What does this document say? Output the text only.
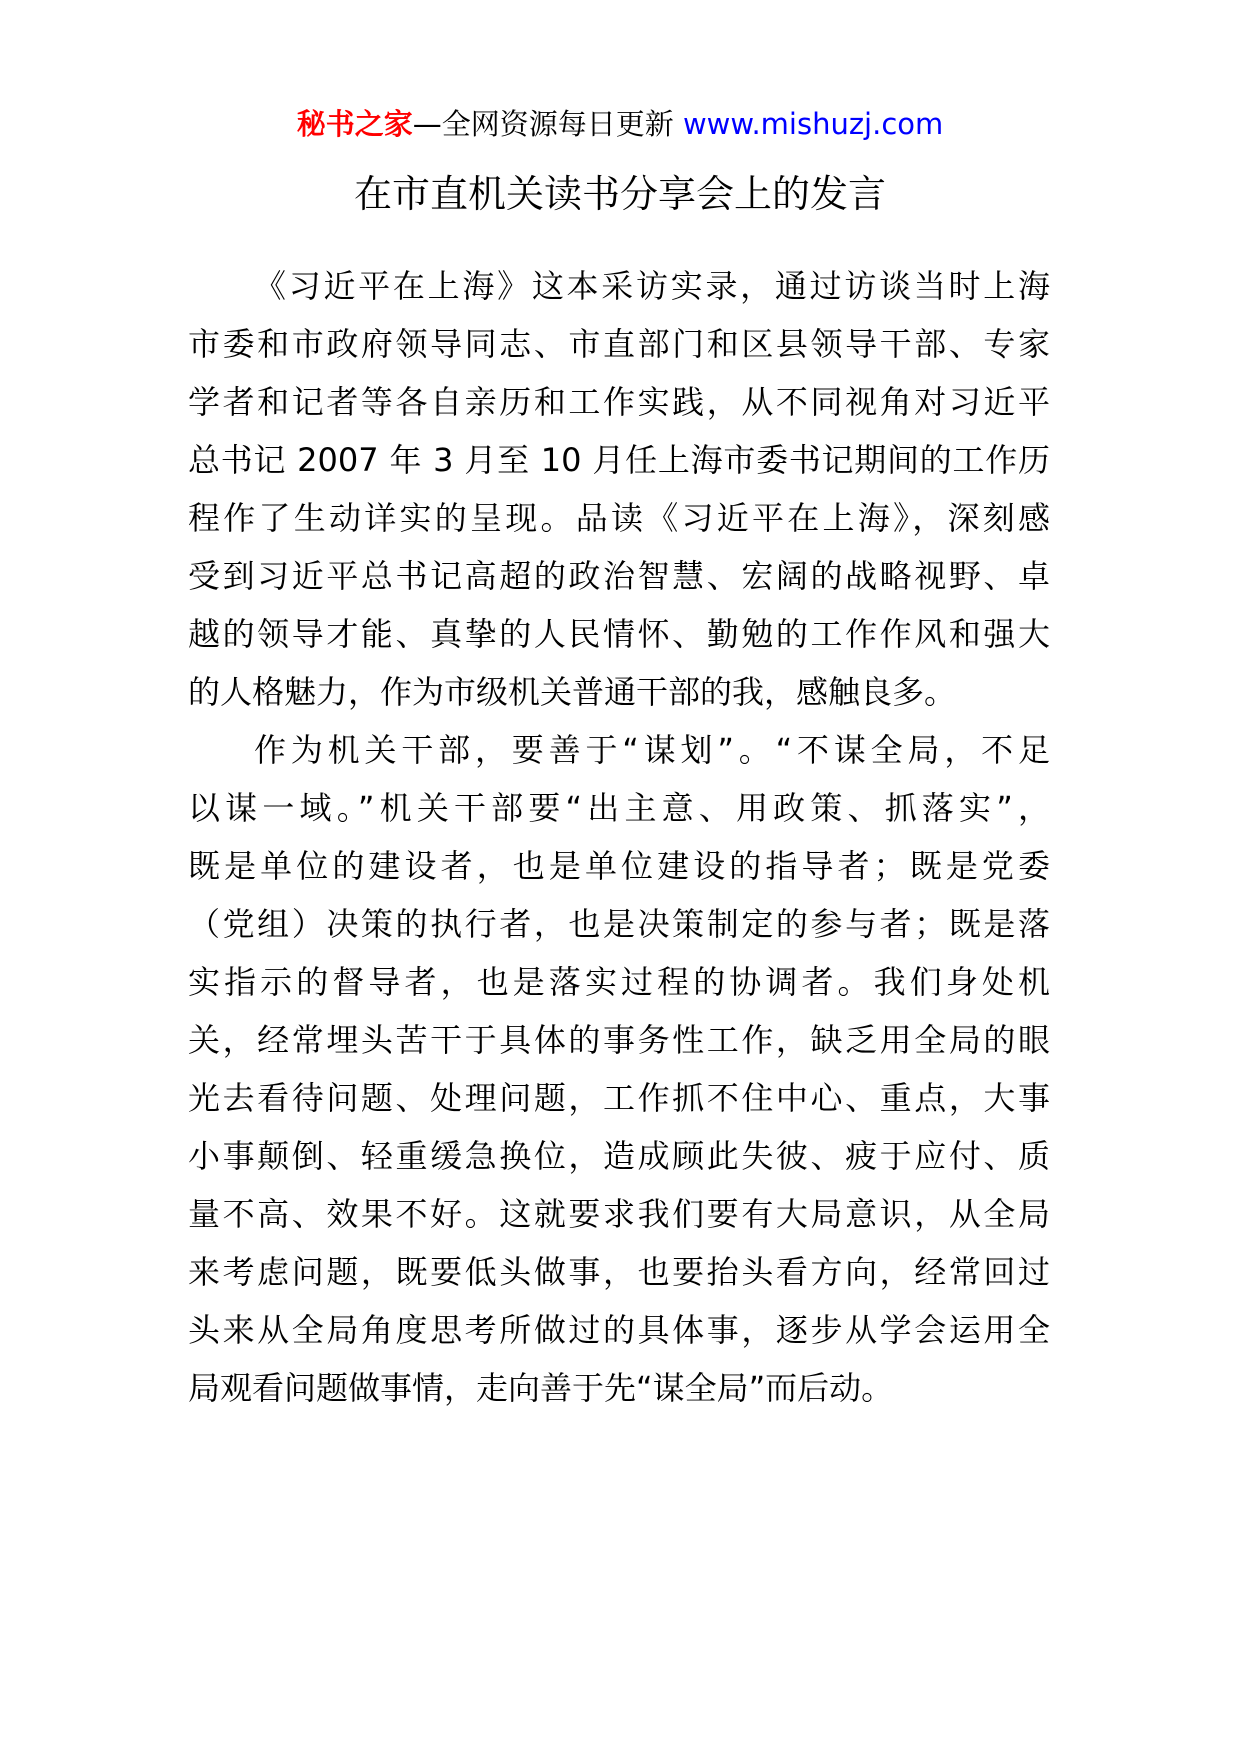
秘书之家—全网资源每日更新 www.mishuzj.com
在市直机关读书分享会上的发言
《习近平在上海》这本采访实录，通过访谈当时上海
市委和市政府领导同志、市直部门和区县领导干部、专家
学者和记者等各自亲历和工作实践，从不同视角对习近平
总书记 2007 年 3 月至 10 月任上海市委书记期间的工作历
程作了生动详实的呈现。品读《习近平在上海》，深刻感
受到习近平总书记高超的政治智慧、宏阔的战略视野、卓
越的领导才能、真挚的人民情怀、勤勉的工作作风和强大
的人格魅力，作为市级机关普通干部的我，感触良多。
作为机关干部，要善于“谋划”。“不谋全局，不足
以谋一域。”机关干部要“出主意、用政策、抓落实”，
既是单位的建设者，也是单位建设的指导者；既是党委
（党组）决策的执行者，也是决策制定的参与者；既是落
实指示的督导者，也是落实过程的协调者。我们身处机
关，经常埋头苦干于具体的事务性工作，缺乏用全局的眼
光去看待问题、处理问题，工作抓不住中心、重点，大事
小事颠倒、轻重缓急换位，造成顾此失彼、疲于应付、质
量不高、效果不好。这就要求我们要有大局意识，从全局
来考虑问题，既要低头做事，也要抬头看方向，经常回过
头来从全局角度思考所做过的具体事，逐步从学会运用全
局观看问题做事情，走向善于先“谋全局”而后动。
